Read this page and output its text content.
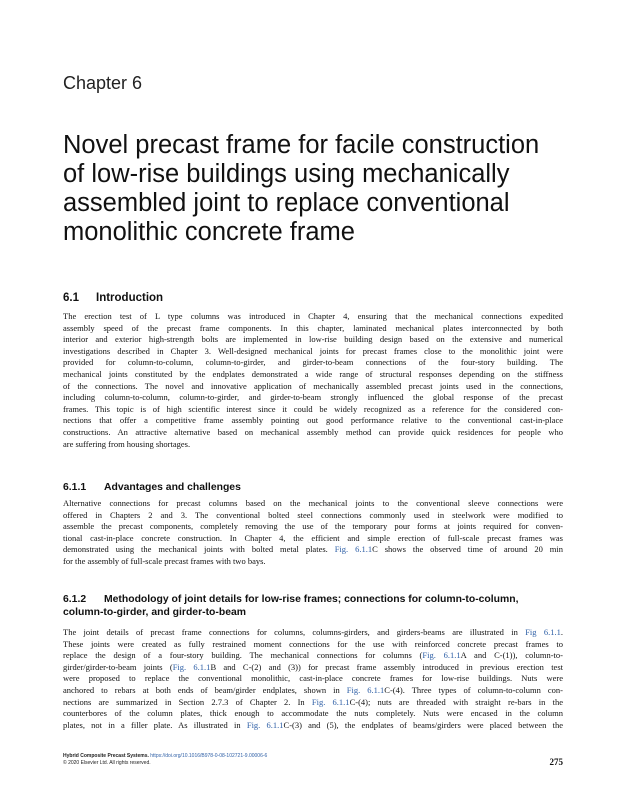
Chapter 6
Novel precast frame for facile construction
of low-rise buildings using mechanically
assembled joint to replace conventional
monolithic concrete frame
6.1 Introduction
The erection test of L type columns was introduced in Chapter 4, ensuring that the mechanical connections expedited
assembly speed of the precast frame components. In this chapter, laminated mechanical plates interconnected by both
interior and exterior high-strength bolts are implemented in low-rise building design based on the extensive and numerical
investigations described in Chapter 3. Well-designed mechanical joints for precast frames close to the monolithic joint were
provided for column-to-column, column-to-girder, and girder-to-beam connections of the four-story building. The
mechanical joints constituted by the endplates demonstrated a wide range of structural responses depending on the stiffness
of the connections. The novel and innovative application of mechanically assembled precast joints used in the connections,
including column-to-column, column-to-girder, and girder-to-beam strongly influenced the global response of the precast
frames. This topic is of high scientific interest since it could be widely recognized as a reference for the considered con-
nections that offer a competitive frame assembly pointing out good performance relative to the conventional cast-in-place
constructions. An attractive alternative based on mechanical assembly method can provide quick residences for people who
are suffering from housing shortages.
6.1.1 Advantages and challenges
Alternative connections for precast columns based on the mechanical joints to the conventional sleeve connections were
offered in Chapters 2 and 3. The conventional bolted steel connections commonly used in steelwork were modified to
assemble the precast components, completely removing the use of the temporary pour forms at joints required for conven-
tional cast-in-place concrete construction. In Chapter 4, the efficient and simple erection of full-scale precast frames was
demonstrated using the mechanical joints with bolted metal plates. Fig. 6.1.1C shows the observed time of around 20 min
for the assembly of full-scale precast frames with two bays.
6.1.2 Methodology of joint details for low-rise frames; connections for column-to-column,
column-to-girder, and girder-to-beam
The joint details of precast frame connections for columns, columns-girders, and girders-beams are illustrated in Fig 6.1.1.
These joints were created as fully restrained moment connections for the use with reinforced concrete precast frames to
replace the design of a four-story building. The mechanical connections for columns (Fig. 6.1.1A and C-(1)), column-to-
girder/girder-to-beam joints (Fig. 6.1.1B and C-(2) and (3)) for precast frame assembly introduced in previous erection test
were proposed to replace the conventional monolithic, cast-in-place concrete frames for low-rise buildings. Nuts were
anchored to rebars at both ends of beam/girder endplates, shown in Fig. 6.1.1C-(4). Three types of column-to-column con-
nections are summarized in Section 2.7.3 of Chapter 2. In Fig. 6.1.1C-(4); nuts are threaded with straight re-bars in the
counterbores of the column plates, thick enough to accommodate the nuts completely. Nuts were encased in the column
plates, not in a filler plate. As illustrated in Fig. 6.1.1C-(3) and (5), the endplates of beams/girders were placed between the
Hybrid Composite Precast Systems. https://doi.org/10.1016/B978-0-08-102721-9.00006-6
© 2020 Elsevier Ltd. All rights reserved.	275
